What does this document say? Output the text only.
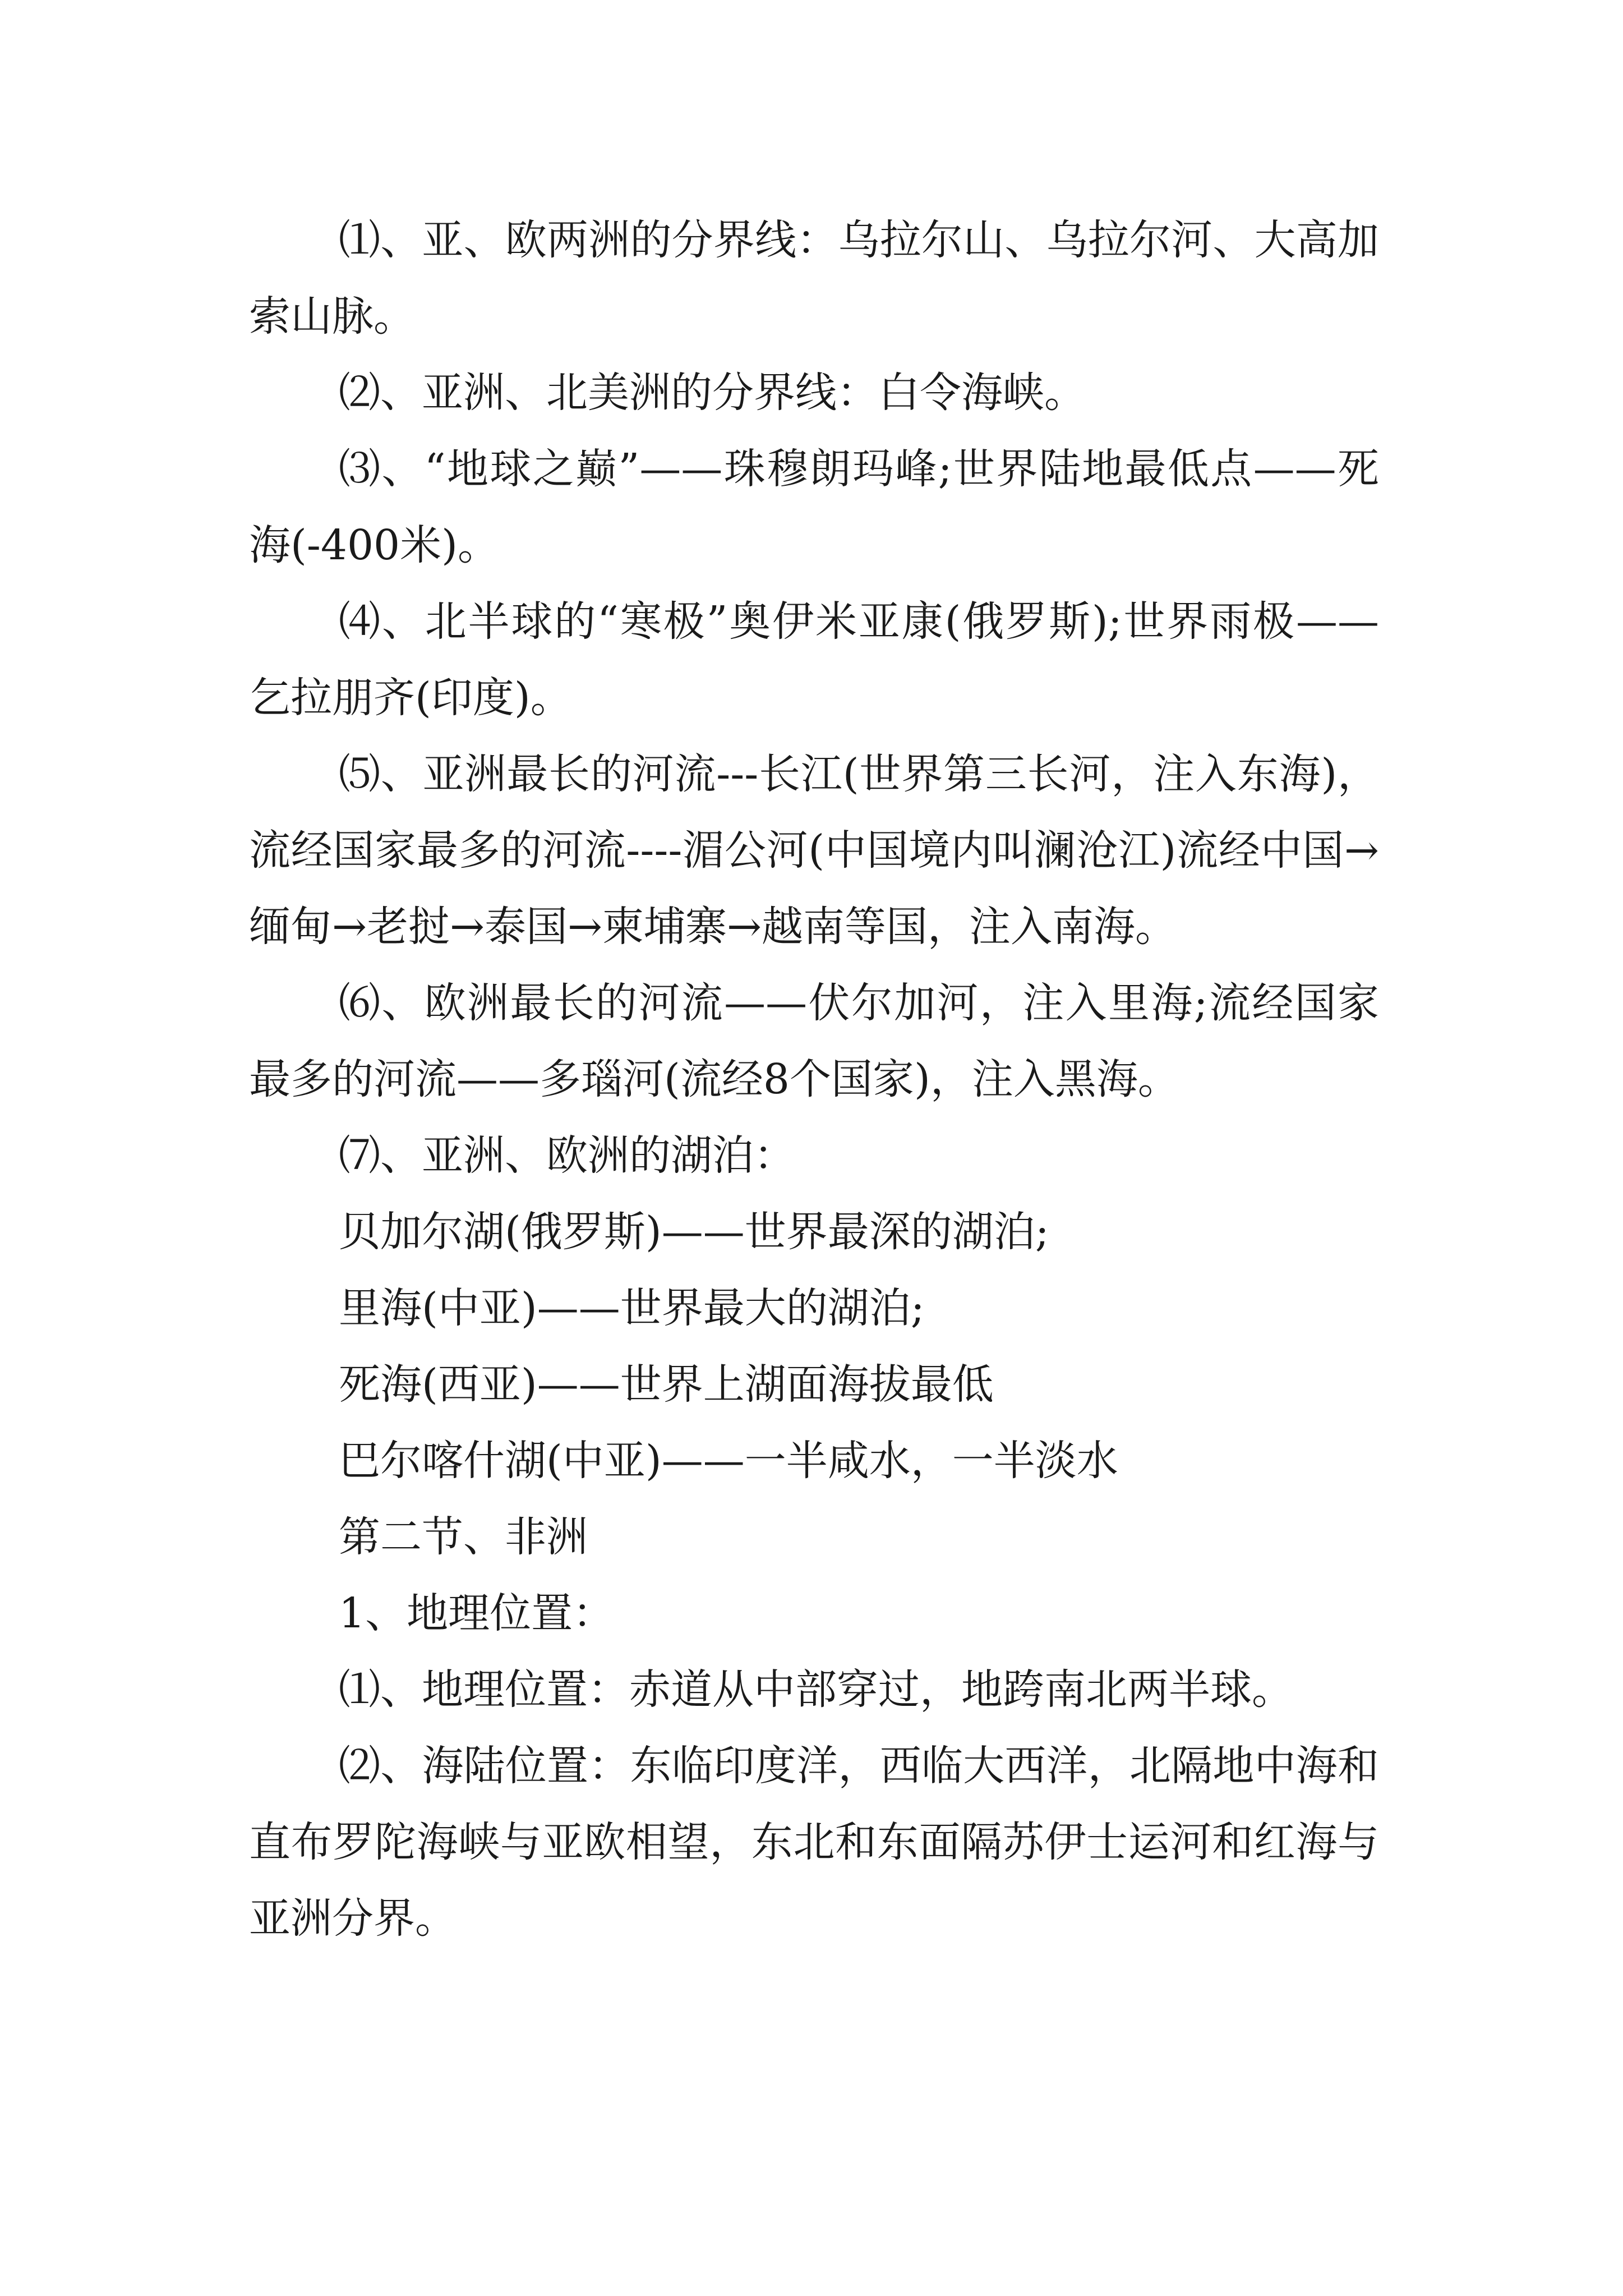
⑴、亚、欧两洲的分界线：乌拉尔山、乌拉尔河、大高加索山脉。

⑵、亚洲、北美洲的分界线：白令海峡。

⑶、“地球之巅”——珠穆朗玛峰;世界陆地最低点——死海(-400米)。

⑷、北半球的“寒极”奥伊米亚康(俄罗斯);世界雨极——乞拉朋齐(印度)。

⑸、亚洲最长的河流---长江(世界第三长河，注入东海)，流经国家最多的河流----湄公河(中国境内叫澜沧江)流经中国→缅甸→老挝→泰国→柬埔寨→越南等国，注入南海。

⑹、欧洲最长的河流——伏尔加河，注入里海;流经国家最多的河流——多瑙河(流经8个国家)，注入黑海。

⑺、亚洲、欧洲的湖泊：

贝加尔湖(俄罗斯)——世界最深的湖泊;

里海(中亚)——世界最大的湖泊;

死海(西亚)——世界上湖面海拔最低

巴尔喀什湖(中亚)——一半咸水，一半淡水

第二节、非洲

1、地理位置：

⑴、地理位置：赤道从中部穿过，地跨南北两半球。

⑵、海陆位置：东临印度洋，西临大西洋，北隔地中海和直布罗陀海峡与亚欧相望，东北和东面隔苏伊士运河和红海与亚洲分界。
